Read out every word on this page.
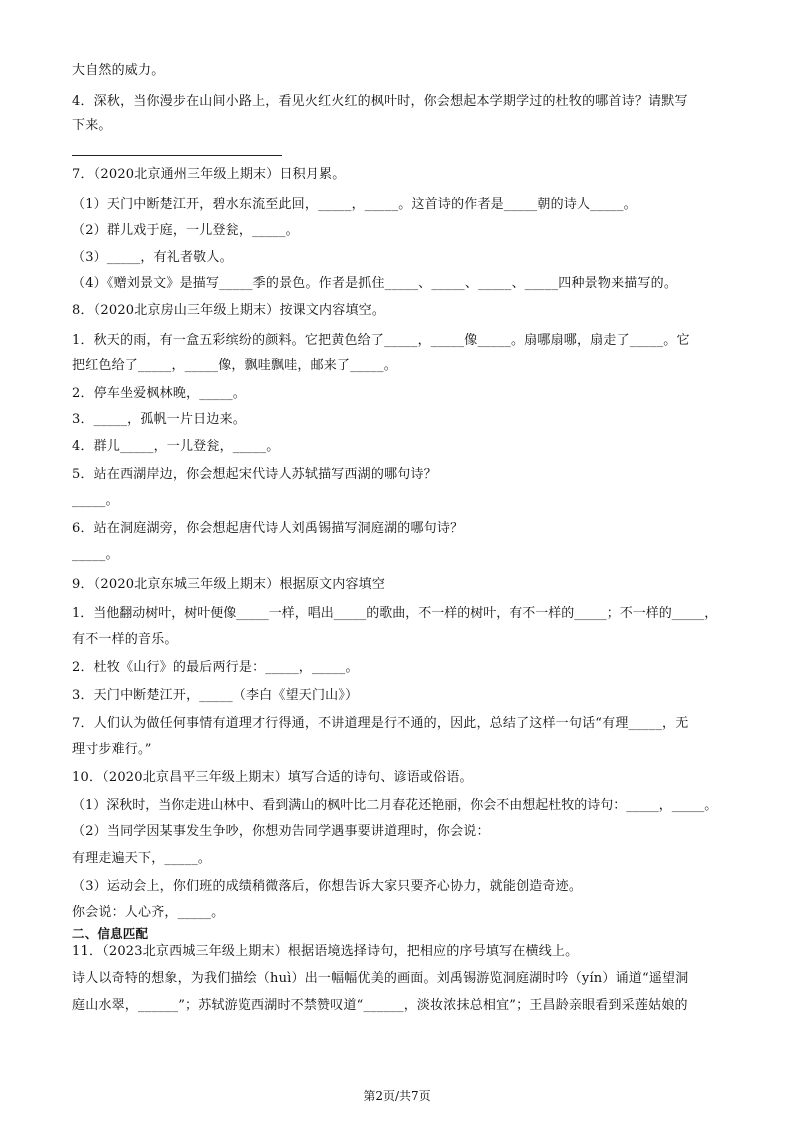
大自然的威力。
4．深秋，当你漫步在山间小路上，看见火红火红的枫叶时，你会想起本学期学过的杜牧的哪首诗？请默写
下来。
7．（2020北京通州三年级上期末）日积月累。
（1）天门中断楚江开，碧水东流至此回，_____，_____。这首诗的作者是_____朝的诗人_____。
（2）群儿戏于庭，一儿登瓮，_____。
（3）_____，有礼者敬人。
（4）《赠刘景文》是描写_____季的景色。作者是抓住_____、_____、_____、_____四种景物来描写的。
8．（2020北京房山三年级上期末）按课文内容填空。
1．秋天的雨，有一盒五彩缤纷的颜料。它把黄色给了_____，_____像_____。扇哪扇哪，扇走了_____。它
把红色给了_____，_____像，飘哇飘哇，邮来了_____。
2．停车坐爱枫林晚，_____。
3．_____，孤帆一片日边来。
4．群儿_____，一儿登瓮，_____。
5．站在西湖岸边，你会想起宋代诗人苏轼描写西湖的哪句诗？
_____。
6．站在洞庭湖旁，你会想起唐代诗人刘禹锡描写洞庭湖的哪句诗？
_____。
9．（2020北京东城三年级上期末）根据原文内容填空
1．当他翻动树叶，树叶便像_____一样，唱出_____的歌曲，不一样的树叶，有不一样的_____；不一样的_____，
有不一样的音乐。
2．杜牧《山行》的最后两行是：_____，_____。
3．天门中断楚江开，_____（李白《望天门山》）
7．人们认为做任何事情有道理才行得通，不讲道理是行不通的，因此，总结了这样一句话“有理_____，无
理寸步难行。”
10．（2020北京昌平三年级上期末）填写合适的诗句、谚语或俗语。
（1）深秋时，当你走进山林中、看到满山的枫叶比二月春花还艳丽，你会不由想起杜牧的诗句：_____，_____。
（2）当同学因某事发生争吵，你想劝告同学遇事要讲道理时，你会说：
有理走遍天下，_____。
（3）运动会上，你们班的成绩稍微落后，你想告诉大家只要齐心协力，就能创造奇迹。
你会说：人心齐，_____。
二、信息匹配
11．（2023北京西城三年级上期末）根据语境选择诗句，把相应的序号填写在横线上。
诗人以奇特的想象，为我们描绘（huì）出一幅幅优美的画面。刘禹锡游览洞庭湖时吟（yín）诵道“遥望洞
庭山水翠，______”；苏轼游览西湖时不禁赞叹道“______，淡妆浓抹总相宜”；王昌龄亲眼看到采莲姑娘的
第2页/共7页
